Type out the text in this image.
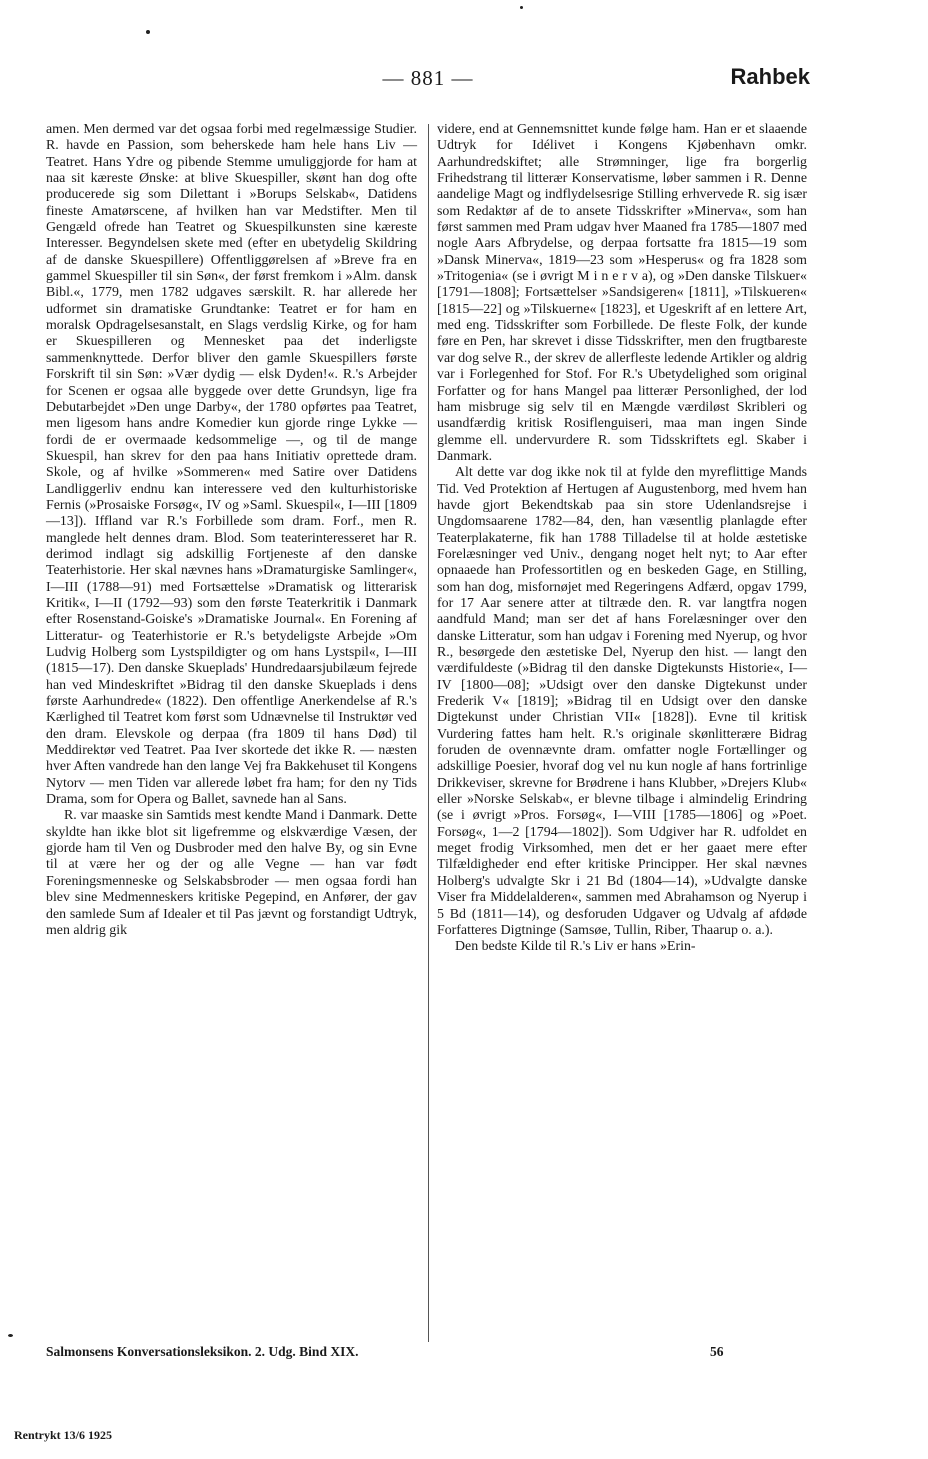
— 881 —	Rahbek

amen. Men dermed var det ogsaa forbi med regelmæssige Studier. R. havde en Passion, som beherskede ham hele hans Liv — Teatret. Hans Ydre og pibende Stemme umuliggjorde for ham at naa sit kæreste Ønske: at blive Skuespiller, skønt han dog ofte producerede sig som Dilettant i »Borups Selskab«, Datidens fineste Amatørscene, af hvilken han var Medstifter. Men til Gengæld ofrede han Teatret og Skuespilkunsten sine kæreste Interesser. Begyndelsen skete med (efter en ubetydelig Skildring af de danske Skuespillere) Offentliggørelsen af »Breve fra en gammel Skuespiller til sin Søn«, der først fremkom i »Alm. dansk Bibl.«, 1779, men 1782 udgaves særskilt. R. har allerede her udformet sin dramatiske Grundtanke: Teatret er for ham en moralsk Opdragelsesanstalt, en Slags verdslig Kirke, og for ham er Skuespilleren og Mennesket paa det inderligste sammenknyttede. Derfor bliver den gamle Skuespillers første Forskrift til sin Søn: »Vær dydig — elsk Dyden!«. R.'s Arbejder for Scenen er ogsaa alle byggede over dette Grundsyn, lige fra Debutarbejdet »Den unge Darby«, der 1780 opførtes paa Teatret, men ligesom hans andre Komedier kun gjorde ringe Lykke — fordi de er overmaade kedsommelige —, og til de mange Skuespil, han skrev for den paa hans Initiativ oprettede dram. Skole, og af hvilke »Sommeren« med Satire over Datidens Landliggerliv endnu kan interessere ved den kulturhistoriske Fernis (»Prosaiske Forsøg«, IV og »Saml. Skuespil«, I—III [1809—13]). Iffland var R.'s Forbillede som dram. Forf., men R. manglede helt dennes dram. Blod. Som teaterinteresseret har R. derimod indlagt sig adskillig Fortjeneste af den danske Teaterhistorie. Her skal nævnes hans »Dramaturgiske Samlinger«, I—III (1788—91) med Fortsættelse »Dramatisk og litterarisk Kritik«, I—II (1792—93) som den første Teaterkritik i Danmark efter Rosenstand-Goiske's »Dramatiske Journal«. En Forening af Litteratur- og Teaterhistorie er R.'s betydeligste Arbejde »Om Ludvig Holberg som Lystspildigter og om hans Lystspil«, I—III (1815—17). Den danske Skueplads' Hundredaarsjubilæum fejrede han ved Mindeskriftet »Bidrag til den danske Skueplads i dens første Aarhundrede« (1822). Den offentlige Anerkendelse af R.'s Kærlighed til Teatret kom først som Udnævnelse til Instruktør ved den dram. Elevskole og derpaa (fra 1809 til hans Død) til Meddirektør ved Teatret. Paa Iver skortede det ikke R. — næsten hver Aften vandrede han den lange Vej fra Bakkehuset til Kongens Nytorv — men Tiden var allerede løbet fra ham; for den ny Tids Drama, som for Opera og Ballet, savnede han al Sans.

R. var maaske sin Samtids mest kendte Mand i Danmark. Dette skyldte han ikke blot sit ligefremme og elskværdige Væsen, der gjorde ham til Ven og Dusbroder med den halve By, og sin Evne til at være her og der og alle Vegne — han var født Foreningsmenneske og Selskabsbroder — men ogsaa fordi han blev sine Medmenneskers kritiske Pegepind, en Anfører, der gav den samlede Sum af Idealer et til Pas jævnt og forstandigt Udtryk, men aldrig gik

videre, end at Gennemsnittet kunde følge ham. Han er et slaaende Udtryk for Idélivet i Kongens Kjøbenhavn omkr. Aarhundredskiftet; alle Strømninger, lige fra borgerlig Frihedstrang til litterær Konservatisme, løber sammen i R. Denne aandelige Magt og indflydelsesrige Stilling erhvervede R. sig især som Redaktør af de to ansete Tidsskrifter »Minerva«, som han først sammen med Pram udgav hver Maaned fra 1785—1807 med nogle Aars Afbrydelse, og derpaa fortsatte fra 1815—19 som »Dansk Minerva«, 1819—23 som »Hesperus« og fra 1828 som »Tritogenia« (se i øvrigt M i n e r v a), og »Den danske Tilskuer« [1791—1808]; Fortsættelser »Sandsigeren« [1811], »Tilskueren« [1815—22] og »Tilskuerne« [1823], et Ugeskrift af en lettere Art, med eng. Tidsskrifter som Forbillede. De fleste Folk, der kunde føre en Pen, har skrevet i disse Tidsskrifter, men den frugtbareste var dog selve R., der skrev de allerfleste ledende Artikler og aldrig var i Forlegenhed for Stof. For R.'s Ubetydelighed som original Forfatter og for hans Mangel paa litterær Personlighed, der lod ham misbruge sig selv til en Mængde værdiløst Skribleri og usandfærdig kritisk Rosiflenguiseri, maa man ingen Sinde glemme ell. undervurdere R. som Tidsskriftets egl. Skaber i Danmark.

Alt dette var dog ikke nok til at fylde den myreflittige Mands Tid. Ved Protektion af Hertugen af Augustenborg, med hvem han havde gjort Bekendtskab paa sin store Udenlandsrejse i Ungdomsaarene 1782—84, den, han væsentlig planlagde efter Teaterplakaterne, fik han 1788 Tilladelse til at holde æstetiske Forelæsninger ved Univ., dengang noget helt nyt; to Aar efter opnaaede han Professortitlen og en beskeden Gage, en Stilling, som han dog, misfornøjet med Regeringens Adfærd, opgav 1799, for 17 Aar senere atter at tiltræde den. R. var langtfra nogen aandfuld Mand; man ser det af hans Forelæsninger over den danske Litteratur, som han udgav i Forening med Nyerup, og hvor R., besørgede den æstetiske Del, Nyerup den hist. — langt den værdifuldeste (»Bidrag til den danske Digtekunsts Historie«, I—IV [1800—08]; »Udsigt over den danske Digtekunst under Frederik V« [1819]; »Bidrag til en Udsigt over den danske Digtekunst under Christian VII« [1828]). Evne til kritisk Vurdering fattes ham helt. R.'s originale skønlitterære Bidrag foruden de ovennævnte dram. omfatter nogle Fortællinger og adskillige Poesier, hvoraf dog vel nu kun nogle af hans fortrinlige Drikkeviser, skrevne for Brødrene i hans Klubber, »Drejers Klub« eller »Norske Selskab«, er blevne tilbage i almindelig Erindring (se i øvrigt »Pros. Forsøg«, I—VIII [1785—1806] og »Poet. Forsøg«, 1—2 [1794—1802]). Som Udgiver har R. udfoldet en meget frodig Virksomhed, men det er her gaaet mere efter Tilfældigheder end efter kritiske Principper. Her skal nævnes Holberg's udvalgte Skr i 21 Bd (1804—14), »Udvalgte danske Viser fra Middelalderen«, sammen med Abrahamson og Nyerup i 5 Bd (1811—14), og desforuden Udgaver og Udvalg af afdøde Forfatteres Digtninge (Samsøe, Tullin, Riber, Thaarup o. a.).

Den bedste Kilde til R.'s Liv er hans »Erin-

Salmonsens Konversationsleksikon. 2. Udg. Bind XIX.	56
Rentrykt 13/6 1925
